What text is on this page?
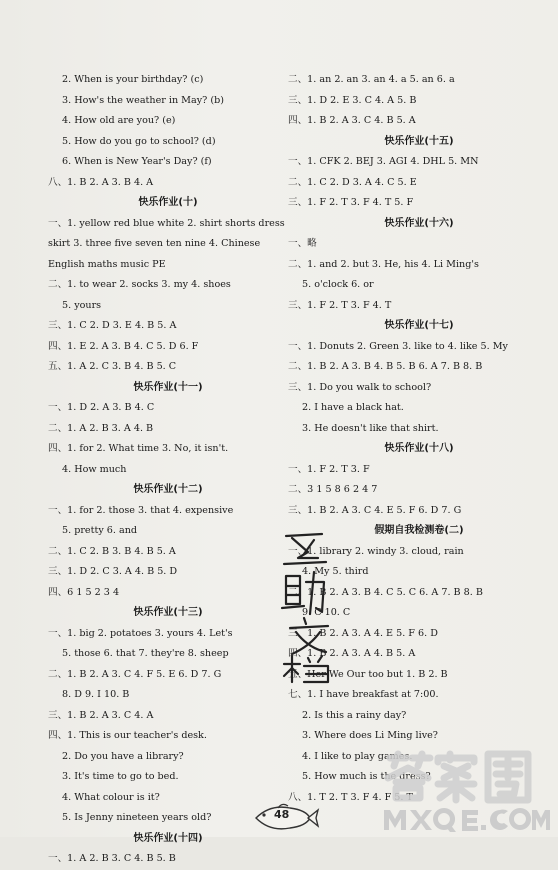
2. When is your birthday? (c)
3. How's the weather in May? (b)
4. How old are you? (e)
5. How do you go to school? (d)
6. When is New Year's Day? (f)
八、1. B 2. A 3. B 4. A
快乐作业(十)
一、1. yellow red blue white 2. shirt shorts dress
skirt 3. three five seven ten nine 4. Chinese
English maths music PE
二、1. to wear 2. socks 3. my 4. shoes
5. yours
三、1. C 2. D 3. E 4. B 5. A
四、1. E 2. A 3. B 4. C 5. D 6. F
五、1. A 2. C 3. B 4. B 5. C
快乐作业(十一)
一、1. D 2. A 3. B 4. C
二、1. A 2. B 3. A 4. B
四、1. for 2. What time 3. No, it isn't.
4. How much
快乐作业(十二)
一、1. for 2. those 3. that 4. expensive
5. pretty 6. and
二、1. C 2. B 3. B 4. B 5. A
三、1. D 2. C 3. A 4. B 5. D
四、6 1 5 2 3 4
快乐作业(十三)
一、1. big 2. potatoes 3. yours 4. Let's
5. those 6. that 7. they're 8. sheep
二、1. B 2. A 3. C 4. F 5. E 6. D 7. G
8. D 9. I 10. B
三、1. B 2. A 3. C 4. A
四、1. This is our teacher's desk.
2. Do you have a library?
3. It's time to go to bed.
4. What colour is it?
5. Is Jenny nineteen years old?
快乐作业(十四)
一、1. A 2. B 3. C 4. B 5. B
二、1. an 2. an 3. an 4. a 5. an 6. a
三、1. D 2. E 3. C 4. A 5. B
四、1. B 2. A 3. C 4. B 5. A
快乐作业(十五)
一、1. CFK 2. BEJ 3. AGI 4. DHL 5. MN
二、1. C 2. D 3. A 4. C 5. E
三、1. F 2. T 3. F 4. T 5. F
快乐作业(十六)
一、略
二、1. and 2. but 3. He, his 4. Li Ming's
5. o'clock 6. or
三、1. F 2. T 3. F 4. T
快乐作业(十七)
一、1. Donuts 2. Green 3. like to 4. like 5. My
二、1. B 2. A 3. B 4. B 5. B 6. A 7. B 8. B
三、1. Do you walk to school?
2. I have a black hat.
3. He doesn't like that shirt.
快乐作业(十八)
一、1. F 2. T 3. F
二、3 1 5 8 6 2 4 7
三、1. B 2. A 3. C 4. E 5. F 6. D 7. G
假期自我检测卷(二)
一、1. library 2. windy 3. cloud, rain
4. My 5. third
二、1. B 2. A 3. B 4. C 5. C 6. A 7. B 8. B
9. C 10. C
三、1. B 2. A 3. A 4. E 5. F 6. D
四、1. B 2. A 3. A 4. B 5. A
五、Her We Our too but 1. B 2. B
七、1. I have breakfast at 7:00.
2. Is this a rainy day?
3. Where does Li Ming live?
4. I like to play games.
5. How much is the dress?
八、1. T 2. T 3. F 4. F 5. T
48
